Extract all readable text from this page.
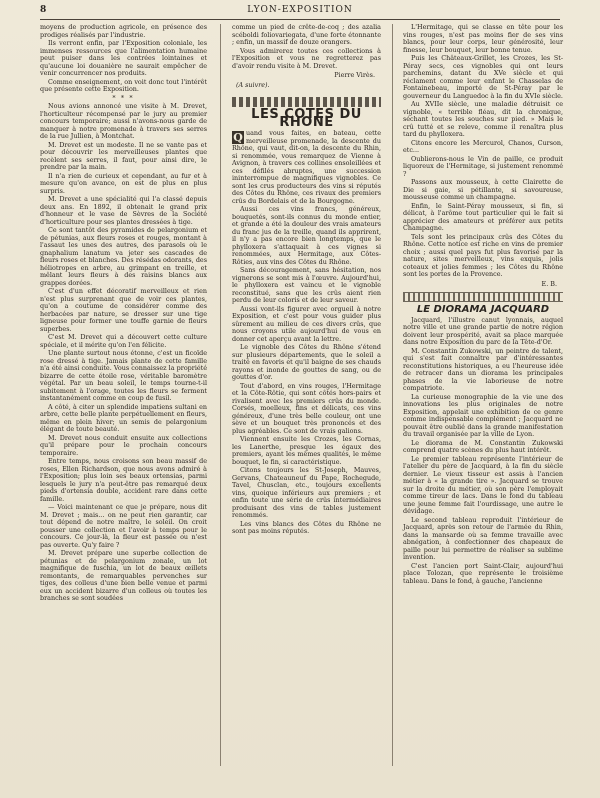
8	LYON-EXPOSITION

moyens de production agricole, en présence des prodiges réalisés par l'industrie.

Ils verront enfin, par l'Exposition coloniale, les immenses ressources que l'alimentation humaine peut puiser dans les contrées lointaines et qu'aucune loi douanière ne saurait empêcher de venir concurrencer nos produits.

Comme enseignement, on voit donc tout l'intérêt que présente cette Exposition.

* * *

Nous avions annoncé une visite à M. Drevet, l'horticulteur récompensé par le jury au premier concours temporaire; aussi n'avons-nous garde de manquer à notre promenade à travers ses serres de la rue Jullien, à Montchat.

M. Drevet est un modeste. Il ne se vante pas et pour découvrir les merveilleuses plantes que recèlent ses serres, il faut, pour ainsi dire, le prendre par la main.

Il n'a rien de curieux et cependant, au fur et à mesure qu'on avance, on est de plus en plus surpris.

M. Drevet a une spécialité qui l'a classé depuis deux ans. En 1892, il obtenait le grand prix d'honneur et le vase de Sèvres de la Société d'horticulture pour ses plantes dressées à tige.

Ce sont tantôt des pyramides de pelargonium et de pétunias, aux fleurs roses et rouges, montant à l'assaut les unes des autres, des parasols où le gnaphalium lanatum va jeter ses cascades de fleurs roses et blanches. Des résédas odorants, des héliotropes en arbre, au grimpant en treille, et mêlant leurs fleurs à des raisins blancs aux grappes dorées.

C'est d'un effet décoratif merveilleux et rien n'est plus surprenant que de voir ces plantes, qu'on a coutume de considérer comme des herbacées par nature, se dresser sur une tige ligneuse pour former une touffe garnie de fleurs superbes.

C'est M. Drevet qui a découvert cette culture spéciale, et il mérite qu'on l'en félicite.

Une plante surtout nous étonne, c'est un ficoïde rose dressé à tige. Jamais plante de cette famille n'a été ainsi conduite. Vous connaissez la propriété bizarre de cette étoile rose, véritable baromètre végétal. Par un beau soleil, le temps tourne-t-il subitement à l'orage, toutes les fleurs se ferment instantanément comme en coup de fusil.

A côté, à citer un splendide impatiens sultani en arbre, cette belle plante perpétuellement en fleurs, même en plein hiver; un semis de pelargonium élégant de toute beauté.

M. Drevet nous conduit ensuite aux collections qu'il prépare pour le prochain concours temporaire.

Entre temps, nous croisons son beau massif de roses, Ellen Richardson, que nous avons admiré à l'Exposition; plus loin ses beaux ortensias, parmi lesquels le jury n'a peut-être pas remarqué deux pieds d'ortensia double, accident rare dans cette famille.

— Voici maintenant ce que je prépare, nous dit M. Drevet ; mais... on ne peut rien garantir, car tout dépend de notre maître, le soleil. On croit pousser une collection et l'avoir à temps pour le concours. Ce jour-là, la fleur est passée ou n'est pas ouverte. Qu'y faire ?

M. Drevet prépare une superbe collection de pétunias et de pelargonium zonale, un lot magnifique de fuschia, un lot de beaux œillets remontants, de remarquables pervenches sur tiges, des colleus d'une bien belle venue et parmi eux un accident bizarre d'un colleus où toutes les branches se sont soudées

comme un pied de crête-de-coq ; des azalia scéboldi foliovariegata, d'une forte étonnante ; enfin, un massif de douze orangers.

Vous admirerez toutes ces collections à l'Exposition et vous ne regretterez pas d'avoir rendu visite à M. Drevet.

Pierre Virès.
(A suivre).
LES COTES DU RHONE

Q uand vous faites, en bateau, cette merveilleuse promenade, la descente du Rhône, qui vaut, dit-on, la descente du Rhin, si renommée, vous remarquez de Vienne à Avignon, à travers ces collines ensoleillées et ces défilés abruptes, une succession ininterrompue de magnifiques vignobles. Ce sont les crus producteurs des vins si réputés des Côtes du Rhône, ces rivaux des premiers crûs du Bordelais et de la Bourgogne.

Aussi ces vins francs, généreux, bouquetés, sont-ils connus du monde entier, et grande a été la douleur des vrais amateurs du franc jus de la treille, quand ils apprirent, il n'y a pas encore bien longtemps, que le phylloxera s'attaquait à ces vignes si renommées, aux Hermitage, aux Côtes-Rôties, aux vins des Côtes du Rhône.

Sans découragement, sans hésitation, nos vignerons se sont mis à l'œuvre. Aujourd'hui, le phylloxera est vaincu et le vignoble reconstitué, sans que les crûs aient rien perdu de leur coloris et de leur saveur.

Aussi vont-ils figurer avec orgueil à notre Exposition, et c'est pour vous guider plus sûrement au milieu de ces divers crûs, que nous croyons utile aujourd'hui de vous en donner cet aperçu avant la lettre.

Le vignoble des Côtes du Rhône s'étend sur plusieurs départements, que le soleil a traité en favoris et qu'il baigne de ses chauds rayons et inonde de gouttes de sang, ou de gouttes d'or.

Tout d'abord, en vins rouges, l'Hermitage et la Côte-Rôtie, qui sont côtés hors-pairs et rivalisent avec les premiers crûs du monde. Corsés, moelleux, fins et délicats, ces vins généreux, d'une très belle couleur, ont une sève et un bouquet très prononcés et des plus agréables. Ce sont de vrais galions.

Viennent ensuite les Crozes, les Cornas, les Lanerthe, presque les égaux des premiers, ayant les mêmes qualités, le même bouquet, le fin, si caractéristique.

Citons toujours les St-Joseph, Mauves, Gervans, Chateauneuf du Pape, Rochegude, Tavel, Chusclan, etc., toujours excellents vins, quoique inférieurs aux premiers ; et enfin toute une série de crûs intermédiaires produisant des vins de tables justement renommés.

Les vins blancs des Côtes du Rhône ne sont pas moins réputés.

L'Hermitage, qui se classe en tête pour les vins rouges, n'est pas moins fier de ses vins blancs, pour leur corps, leur générosité, leur finesse, leur bouquet, leur bonne tenue.

Puis les Châteaux-Grillet, les Crozes, les St-Péray secs, ces vignobles qui ont leurs parchemins, datant du XVe siècle et qui réclament comme leur enfant le Chasselas de Fontainebeau, importé de St-Péray par le gouverneur du Languedoc à la fin du XVIe siècle.

Au XVIIe siècle, une maladie détruisit ce vignoble, « terrible fléau, dit la chronique, séchant toutes les souches sur pied. » Mais le crû tutté et se releve, comme il renaîtra plus tard du phylloxera.

Citons encore les Mercurol, Chanos, Curson, etc...

Oublierons-nous le Vin de paille, ce produit liquoreux de l'Hermitage, si justement renommé ?

Passons aux mousseux, à cette Clairette de Die si gaie, si pétillante, si savoureuse, mousseuse comme un champagne.

Enfin, le Saint-Péray mousseux, si fin, si délicat, à l'arôme tout particulier qui le fait si apprécier des amateurs et préférer aux petits Champagne.

Tels sont les principaux crûs des Côtes du Rhône. Cette notice est riche en vins de premier choix ; aussi quel pays fut plus favorisé par la nature, sites merveilleux, vins exquis, jolis coteaux et jolies femmes ; les Côtes du Rhône sont les portes de la Provence.

E. B.
LE DIORAMA JACQUARD

Jacquard, l'illustre canut lyonnais, auquel notre ville et une grande partie de notre région doivent leur prospérité, avait sa place marquée dans notre Exposition du parc de la Tête-d'Or.

M. Constantin Zukowski, un peintre de talent, qui s'est fait connaître par d'intéressantes reconstitutions historiques, a eu l'heureuse idée de retracer dans un diorama les principales phases de la vie laborieuse de notre compatriote.

La curieuse monographie de la vie une des innovations les plus originales de notre Exposition, appelait une exhibition de ce genre comme indispensable complément ; Jacquard ne pouvait être oublié dans la grande manifestation du travail organisée par la ville de Lyon.

Le diorama de M. Constantin Zukowski comprend quatre scènes du plus haut intérêt.

Le premier tableau représente l'intérieur de l'atelier du père de Jacquard, à la fin du siècle dernier. Le vieux tisseur est assis à l'ancien métier à « la grande tire ». Jacquard se trouve sur la droite du métier, où son père l'employait comme tireur de lacs. Dans le fond du tableau une jeune femme fait l'ourdissage, une autre le dévidage.

Le second tableau reproduit l'intérieur de Jacquard, après son retour de l'armée du Rhin, dans la mansarde où sa femme travaille avec abnégation, à confectionner des chapeaux de paille pour lui permettre de réaliser sa sublime invention.

C'est l'ancien port Saint-Clair, aujourd'hui place Tolozan, que représente le troisième tableau. Dans le fond, à gauche, l'ancienne
